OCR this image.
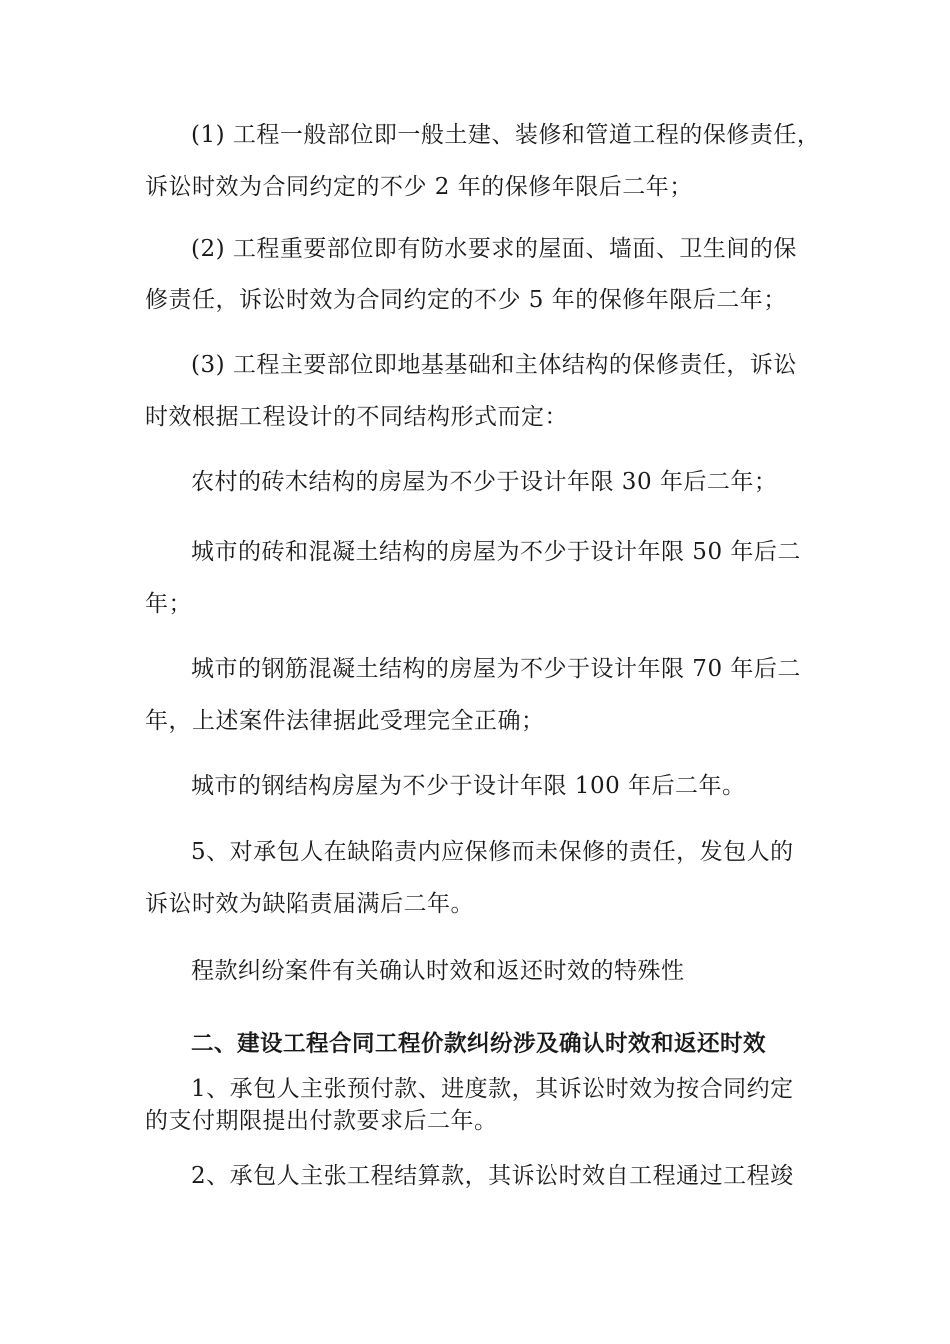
(1) 工程一般部位即一般土建、装修和管道工程的保修责任，
诉讼时效为合同约定的不少 2 年的保修年限后二年；
(2) 工程重要部位即有防水要求的屋面、墙面、卫生间的保
修责任，诉讼时效为合同约定的不少 5 年的保修年限后二年；
(3) 工程主要部位即地基基础和主体结构的保修责任，诉讼
时效根据工程设计的不同结构形式而定：
农村的砖木结构的房屋为不少于设计年限 30 年后二年；
城市的砖和混凝土结构的房屋为不少于设计年限 50 年后二
年；
城市的钢筋混凝土结构的房屋为不少于设计年限 70 年后二
年，上述案件法律据此受理完全正确；
城市的钢结构房屋为不少于设计年限 100 年后二年。
5、对承包人在缺陷责内应保修而未保修的责任，发包人的
诉讼时效为缺陷责届满后二年。
程款纠纷案件有关确认时效和返还时效的特殊性
二、建设工程合同工程价款纠纷涉及确认时效和返还时效
1、承包人主张预付款、进度款，其诉讼时效为按合同约定
的支付期限提出付款要求后二年。
2、承包人主张工程结算款，其诉讼时效自工程通过工程竣
